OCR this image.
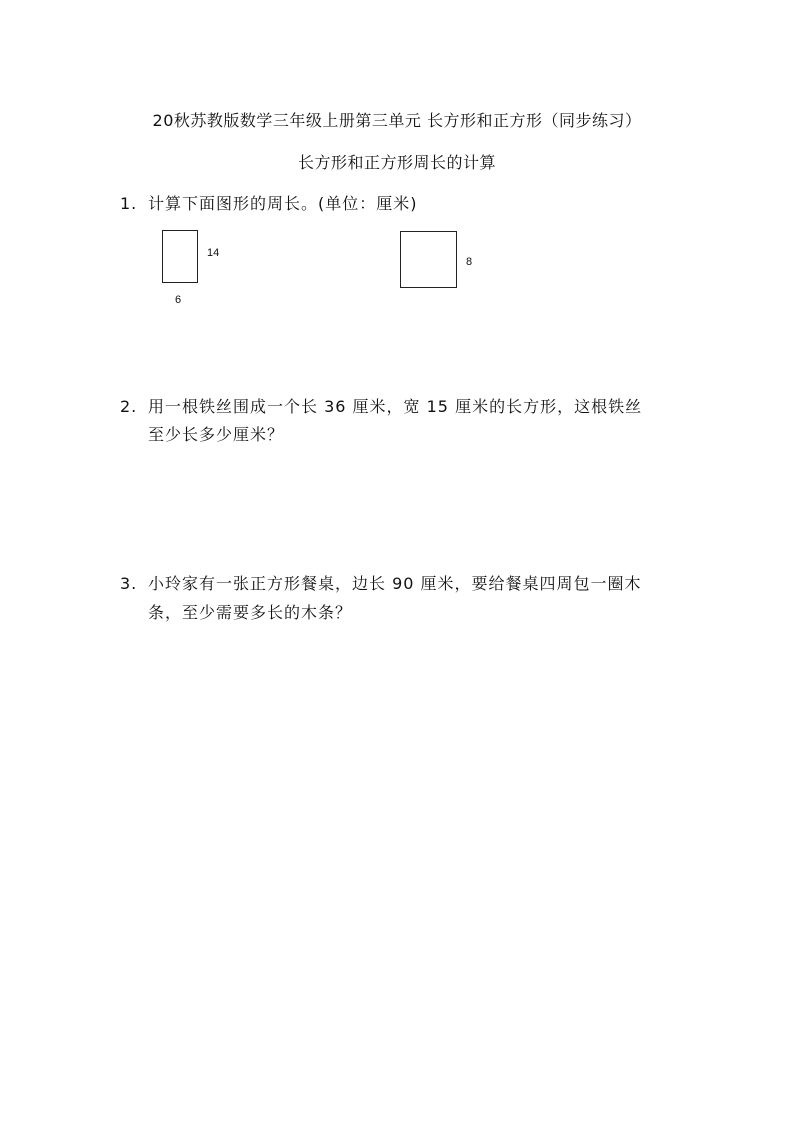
20秋苏教版数学三年级上册第三单元 长方形和正方形（同步练习）
长方形和正方形周长的计算
1. 计算下面图形的周长。(单位：厘米)
14
6
8
2. 用一根铁丝围成一个长 36 厘米，宽 15 厘米的长方形，这根铁丝
至少长多少厘米？
3. 小玲家有一张正方形餐桌，边长 90 厘米，要给餐桌四周包一圈木
条，至少需要多长的木条？
